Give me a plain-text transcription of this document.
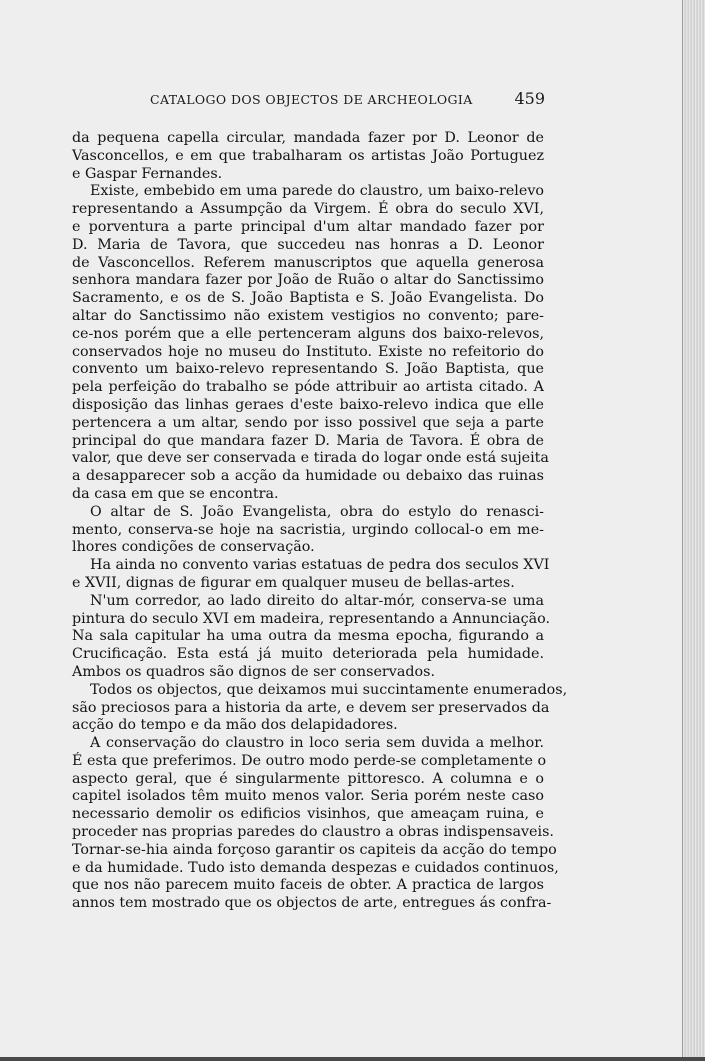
CATALOGO DOS OBJECTOS DE ARCHEOLOGIA	459
da pequena capella circular, mandada fazer por D. Leonor de
Vasconcellos, e em que trabalharam os artistas João Portuguez
e Gaspar Fernandes.
Existe, embebido em uma parede do claustro, um baixo-relevo
representando a Assumpção da Virgem. É obra do seculo XVI,
e porventura a parte principal d'um altar mandado fazer por
D. Maria de Tavora, que succedeu nas honras a D. Leonor
de Vasconcellos. Referem manuscriptos que aquella generosa
senhora mandara fazer por João de Ruão o altar do Sanctissimo
Sacramento, e os de S. João Baptista e S. João Evangelista. Do
altar do Sanctissimo não existem vestigios no convento; pare-
ce-nos porém que a elle pertenceram alguns dos baixo-relevos,
conservados hoje no museu do Instituto. Existe no refeitorio do
convento um baixo-relevo representando S. João Baptista, que
pela perfeição do trabalho se póde attribuir ao artista citado. A
disposição das linhas geraes d'este baixo-relevo indica que elle
pertencera a um altar, sendo por isso possivel que seja a parte
principal do que mandara fazer D. Maria de Tavora. É obra de
valor, que deve ser conservada e tirada do logar onde está sujeita
a desapparecer sob a acção da humidade ou debaixo das ruinas
da casa em que se encontra.
O altar de S. João Evangelista, obra do estylo do renasci-
mento, conserva-se hoje na sacristia, urgindo collocal-o em me-
lhores condições de conservação.
Ha ainda no convento varias estatuas de pedra dos seculos XVI
e XVII, dignas de figurar em qualquer museu de bellas-artes.
N'um corredor, ao lado direito do altar-mór, conserva-se uma
pintura do seculo XVI em madeira, representando a Annunciação.
Na sala capitular ha uma outra da mesma epocha, figurando a
Crucificação. Esta está já muito deteriorada pela humidade.
Ambos os quadros são dignos de ser conservados.
Todos os objectos, que deixamos mui succintamente enumerados,
são preciosos para a historia da arte, e devem ser preservados da
acção do tempo e da mão dos delapidadores.
A conservação do claustro in loco seria sem duvida a melhor.
É esta que preferimos. De outro modo perde-se completamente o
aspecto geral, que é singularmente pittoresco. A columna e o
capitel isolados têm muito menos valor. Seria porém neste caso
necessario demolir os edificios visinhos, que ameaçam ruina, e
proceder nas proprias paredes do claustro a obras indispensaveis.
Tornar-se-hia ainda forçoso garantir os capiteis da acção do tempo
e da humidade. Tudo isto demanda despezas e cuidados continuos,
que nos não parecem muito faceis de obter. A practica de largos
annos tem mostrado que os objectos de arte, entregues ás confra-
